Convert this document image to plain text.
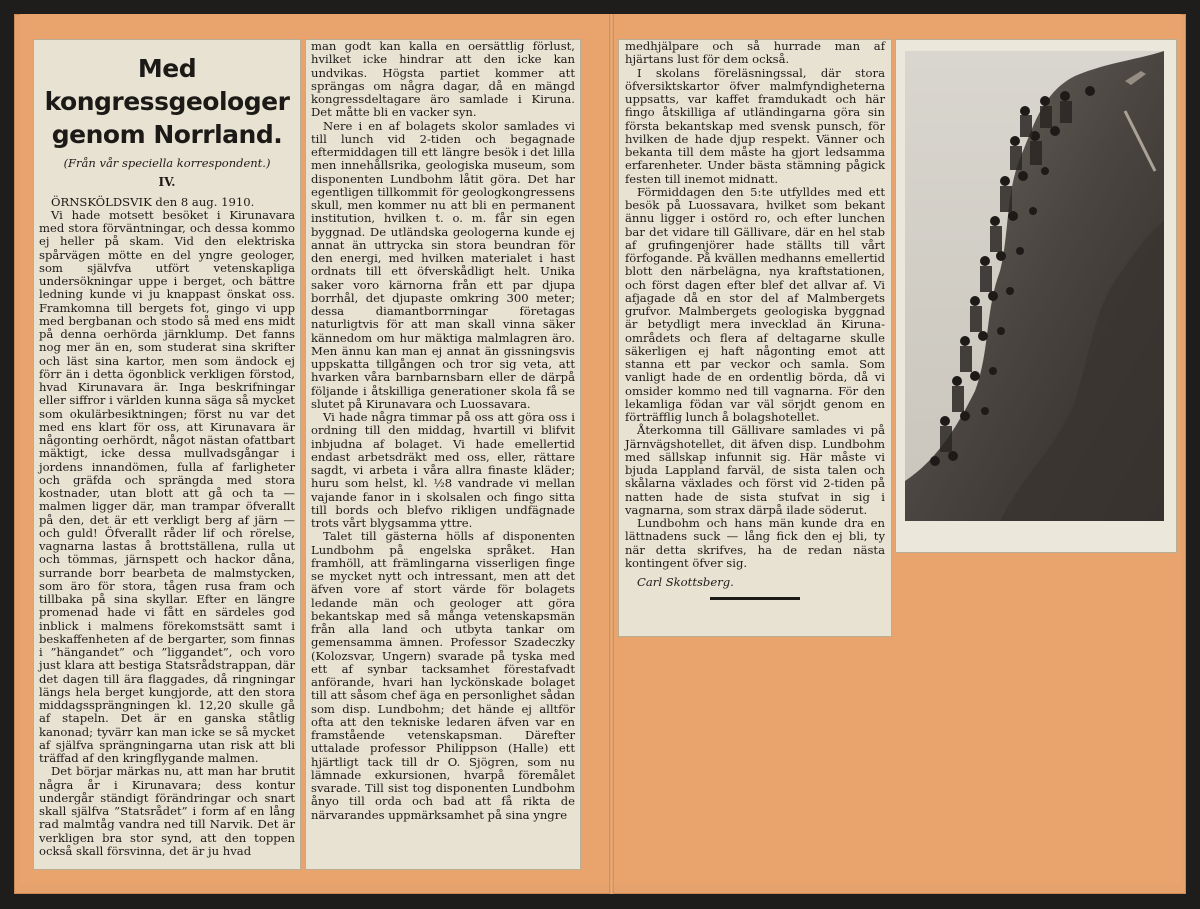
Med kongressgeologer
genom Norrland.
(Från vår speciella korrespondent.)
IV.

ÖRNSKÖLDSVIK den 8 aug. 1910.

Vi hade motsett besöket i Kirunavara med stora förväntningar, och dessa kommo ej heller på skam. Vid den elektriska spårvägen mötte en del yngre geologer, som självfva utfört vetenskapliga undersökningar uppe i berget, och bättre ledning kunde vi ju knappast önskat oss. Framkomna till bergets fot, gingo vi upp med bergbanan och stodo så med ens midt på denna oerhörda järnklump. Det fanns nog mer än en, som studerat sina skrifter och läst sina kartor, men som ändock ej förr än i detta ögonblick verkligen förstod, hvad Kirunavara är. Inga beskrifningar eller siffror i världen kunna säga så mycket som okulärbesiktningen; först nu var det med ens klart för oss, att Kirunavara är någonting oerhördt, något nästan ofattbart mäktigt, icke dessa mullvadsgångar i jordens innandömen, fulla af farligheter och gräfda och sprängda med stora kostnader, utan blott att gå och ta — malmen ligger där, man trampar öfverallt på den, det är ett verkligt berg af järn — och guld! Öfverallt råder lif och rörelse, vagnarna lastas å brottställena, rulla ut och tömmas, järnspett och hackor dåna, surrande borr bearbeta de malmstycken, som äro för stora, tågen rusa fram och tillbaka på sina skyllar. Efter en längre promenad hade vi fått en särdeles god inblick i malmens förekomstsätt samt i beskaffenheten af de bergarter, som finnas i ”hängandet” och ”liggandet”, och voro just klara att bestiga Statsrådstrappan, där det dagen till ära flaggades, då ringningar längs hela berget kungjorde, att den stora middagssprängningen kl. 12,20 skulle gå af stapeln. Det är en ganska ståtlig kanonad; tyvärr kan man icke se så mycket af själfva sprängningarna utan risk att bli träffad af den kringflygande malmen.

Det börjar märkas nu, att man har brutit några år i Kirunavara; dess kontur undergår ständigt förändringar och snart skall själfva ”Statsrådet” i form af en lång rad malmtåg vandra ned till Narvik. Det är verkligen bra stor synd, att den toppen också skall försvinna, det är ju hvad

man godt kan kalla en oersättlig förlust, hvilket icke hindrar att den icke kan undvikas. Högsta partiet kommer att sprängas om några dagar, då en mängd kongressdeltagare äro samlade i Kiruna. Det måtte bli en vacker syn.

Nere i en af bolagets skolor samlades vi till lunch vid 2-tiden och begagnade eftermiddagen till ett längre besök i det lilla men innehållsrika, geologiska museum, som disponenten Lundbohm låtit göra. Det har egentligen tillkommit för geologkongressens skull, men kommer nu att bli en permanent institution, hvilken t. o. m. får sin egen byggnad. De utländska geologerna kunde ej annat än uttrycka sin stora beundran för den energi, med hvilken materialet i hast ordnats till ett öfverskådligt helt. Unika saker voro kärnorna från ett par djupa borrhål, det djupaste omkring 300 meter; dessa diamantborrningar företagas naturligtvis för att man skall vinna säker kännedom om hur mäktiga malmlagren äro. Men ännu kan man ej annat än gissningsvis uppskatta tillgången och tror sig veta, att hvarken våra barnbarnsbarn eller de därpå följande i åtskilliga generationer skola få se slutet på Kirunavara och Luossavara.

Vi hade några timmar på oss att göra oss i ordning till den middag, hvartill vi blifvit inbjudna af bolaget. Vi hade emellertid endast arbetsdräkt med oss, eller, rättare sagdt, vi arbeta i våra allra finaste kläder; huru som helst, kl. ½8 vandrade vi mellan vajande fanor in i skolsalen och fingo sitta till bords och blefvo rikligen undfägnade trots vårt blygsamma yttre.

Talet till gästerna hölls af disponenten Lundbohm på engelska språket. Han framhöll, att främlingarna visserligen finge se mycket nytt och intressant, men att det äfven vore af stort värde för bolagets ledande män och geologer att göra bekantskap med så många vetenskapsmän från alla land och utbyta tankar om gemensamma ämnen. Professor Szadeczky (Kolozsvar, Ungern) svarade på tyska med ett af synbar tacksamhet förestafvadt anförande, hvari han lyckönskade bolaget till att såsom chef äga en personlighet sådan som disp. Lundbohm; det hände ej alltför ofta att den tekniske ledaren äfven var en framstående vetenskapsman. Därefter uttalade professor Philippson (Halle) ett hjärtligt tack till dr O. Sjögren, som nu lämnade exkursionen, hvarpå föremålet svarade. Till sist tog disponenten Lundbohm ånyo till orda och bad att få rikta de närvarandes uppmärksamhet på sina yngre

medhjälpare och så hurrade man af hjärtans lust för dem också.

I skolans föreläsningssal, där stora öfversiktskartor öfver malmfyndigheterna uppsatts, var kaffet framdukadt och här fingo åtskilliga af utländingarna göra sin första bekantskap med svensk punsch, för hvilken de hade djup respekt. Vänner och bekanta till dem måste ha gjort ledsamma erfarenheter. Under bästa stämning pågick festen till inemot midnatt.

Förmiddagen den 5:te utfylldes med ett besök på Luossavara, hvilket som bekant ännu ligger i ostörd ro, och efter lunchen bar det vidare till Gällivare, där en hel stab af grufingenjörer hade ställts till vårt förfogande. På kvällen medhanns emellertid blott den närbelägna, nya kraftstationen, och först dagen efter blef det allvar af. Vi afjagade då en stor del af Malmbergets grufvor. Malmbergets geologiska byggnad är betydligt mera invecklad än Kiruna-områdets och flera af deltagarne skulle säkerligen ej haft någonting emot att stanna ett par veckor och samla. Som vanligt hade de en ordentlig börda, då vi omsider kommo ned till vagnarna. För den lekamliga födan var väl sörjdt genom en förträfflig lunch å bolagshotellet.

Återkomna till Gällivare samlades vi på Järnvägshotellet, dit äfven disp. Lundbohm med sällskap infunnit sig. Här måste vi bjuda Lappland farväl, de sista talen och skålarna växlades och först vid 2-tiden på natten hade de sista stufvat in sig i vagnarna, som strax därpå ilade söderut.

Lundbohm och hans män kunde dra en lättnadens suck — lång fick den ej bli, ty när detta skrifves, ha de redan nästa kontingent öfver sig.

Carl Skottsberg.
